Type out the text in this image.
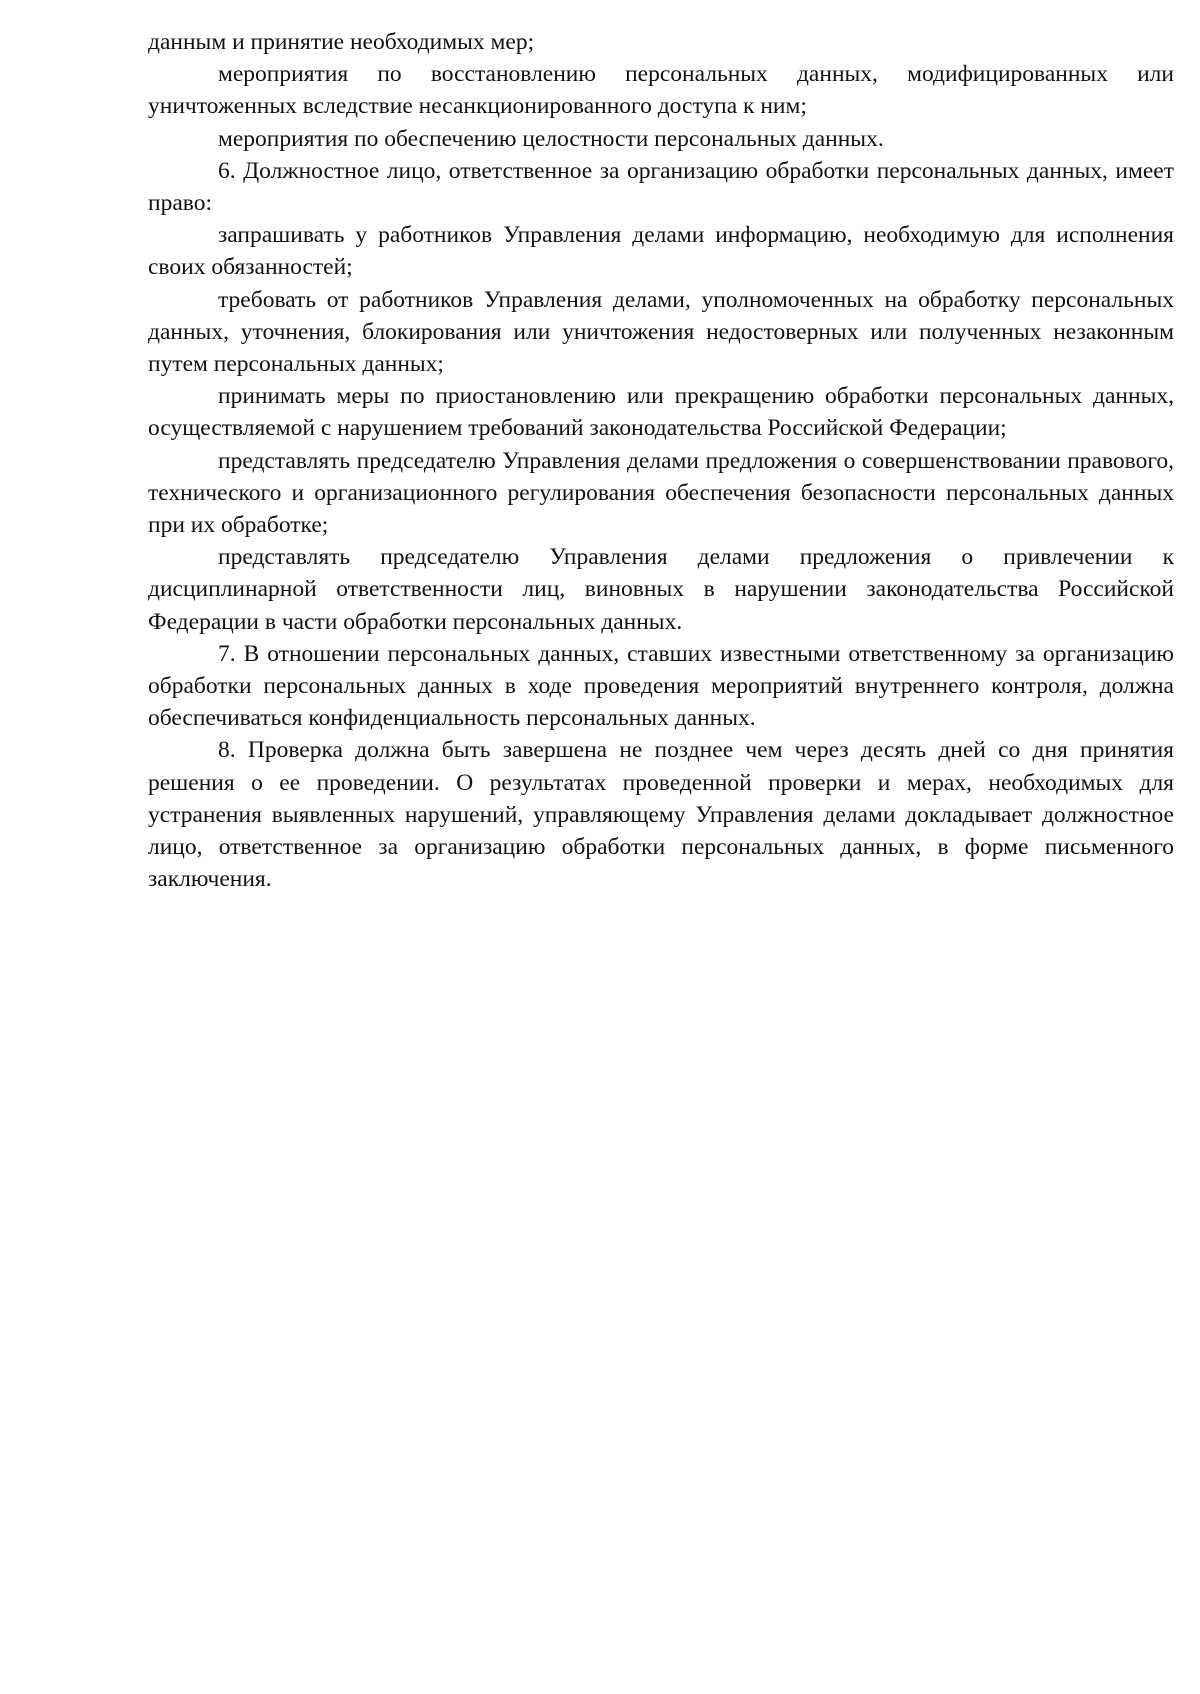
данным и принятие необходимых мер;

мероприятия по восстановлению персональных данных, модифицированных или уничтоженных вследствие несанкционированного доступа к ним;

мероприятия по обеспечению целостности персональных данных.

6. Должностное лицо, ответственное за организацию обработки персональных данных, имеет право:

запрашивать у работников Управления делами информацию, необходимую для исполнения своих обязанностей;

требовать от работников Управления делами, уполномоченных на обработку персональных данных, уточнения, блокирования или уничтожения недостоверных или полученных незаконным путем персональных данных;

принимать меры по приостановлению или прекращению обработки персональных данных, осуществляемой с нарушением требований законодательства Российской Федерации;

представлять председателю Управления делами предложения о совершенствовании правового, технического и организационного регулирования обеспечения безопасности персональных данных при их обработке;

представлять председателю Управления делами предложения о привлечении к дисциплинарной ответственности лиц, виновных в нарушении законодательства Российской Федерации в части обработки персональных данных.

7. В отношении персональных данных, ставших известными ответственному за организацию обработки персональных данных в ходе проведения мероприятий внутреннего контроля, должна обеспечиваться конфиденциальность персональных данных.

8. Проверка должна быть завершена не позднее чем через десять дней со дня принятия решения о ее проведении. О результатах проведенной проверки и мерах, необходимых для устранения выявленных нарушений, управляющему Управления делами докладывает должностное лицо, ответственное за организацию обработки персональных данных, в форме письменного заключения.
